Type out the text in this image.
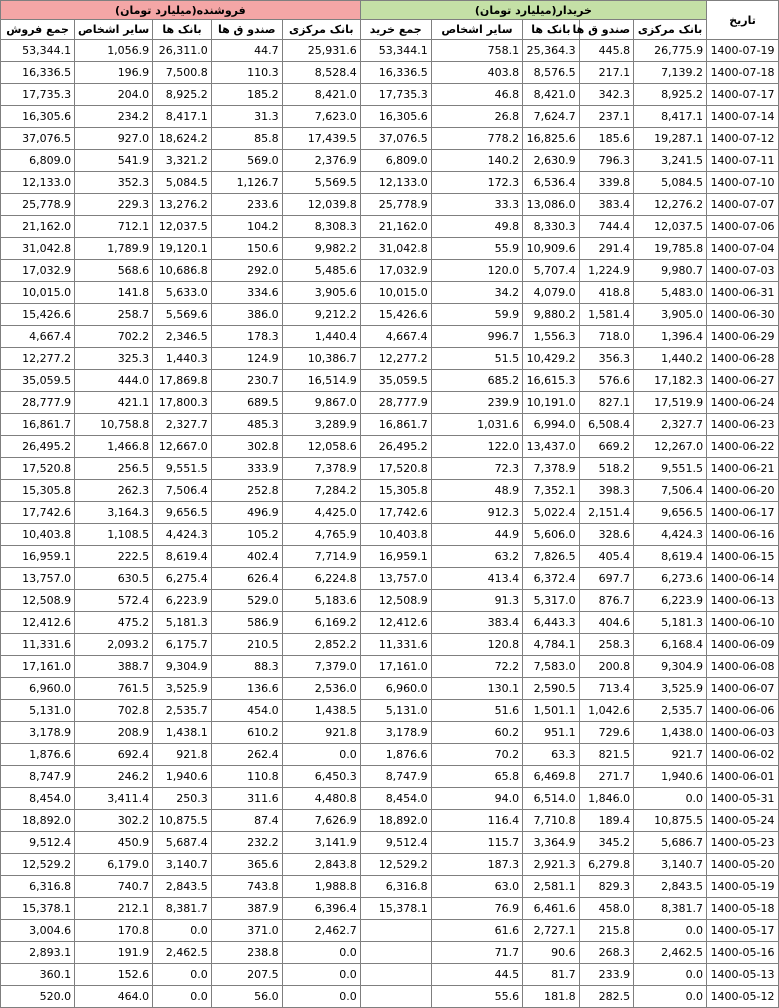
تاریخ	خریدار(میلیارد تومان)					فروشنده(میلیارد تومان)				
	بانک مرکزی	صندو ق ها	بانک ها	سایر اشخاص	جمع خرید	بانک مرکزی	صندو ق ها	بانک ها	سایر اشخاص	جمع فروش
1400-07-19	26,775.9	445.8	25,364.3	758.1	53,344.1	25,931.6	44.7	26,311.0	1,056.9	53,344.1
1400-07-18	7,139.2	217.1	8,576.5	403.8	16,336.5	8,528.4	110.3	7,500.8	196.9	16,336.5
1400-07-17	8,925.2	342.3	8,421.0	46.8	17,735.3	8,421.0	185.2	8,925.2	204.0	17,735.3
1400-07-14	8,417.1	237.1	7,624.7	26.8	16,305.6	7,623.0	31.3	8,417.1	234.2	16,305.6
1400-07-12	19,287.1	185.6	16,825.6	778.2	37,076.5	17,439.5	85.8	18,624.2	927.0	37,076.5
1400-07-11	3,241.5	796.3	2,630.9	140.2	6,809.0	2,376.9	569.0	3,321.2	541.9	6,809.0
1400-07-10	5,084.5	339.8	6,536.4	172.3	12,133.0	5,569.5	1,126.7	5,084.5	352.3	12,133.0
1400-07-07	12,276.2	383.4	13,086.0	33.3	25,778.9	12,039.8	233.6	13,276.2	229.3	25,778.9
1400-07-06	12,037.5	744.4	8,330.3	49.8	21,162.0	8,308.3	104.2	12,037.5	712.1	21,162.0
1400-07-04	19,785.8	291.4	10,909.6	55.9	31,042.8	9,982.2	150.6	19,120.1	1,789.9	31,042.8
1400-07-03	9,980.7	1,224.9	5,707.4	120.0	17,032.9	5,485.6	292.0	10,686.8	568.6	17,032.9
1400-06-31	5,483.0	418.8	4,079.0	34.2	10,015.0	3,905.6	334.6	5,633.0	141.8	10,015.0
1400-06-30	3,905.0	1,581.4	9,880.2	59.9	15,426.6	9,212.2	386.0	5,569.6	258.7	15,426.6
1400-06-29	1,396.4	718.0	1,556.3	996.7	4,667.4	1,440.4	178.3	2,346.5	702.2	4,667.4
1400-06-28	1,440.2	356.3	10,429.2	51.5	12,277.2	10,386.7	124.9	1,440.3	325.3	12,277.2
1400-06-27	17,182.3	576.6	16,615.3	685.2	35,059.5	16,514.9	230.7	17,869.8	444.0	35,059.5
1400-06-24	17,519.9	827.1	10,191.0	239.9	28,777.9	9,867.0	689.5	17,800.3	421.1	28,777.9
1400-06-23	2,327.7	6,508.4	6,994.0	1,031.6	16,861.7	3,289.9	485.3	2,327.7	10,758.8	16,861.7
1400-06-22	12,267.0	669.2	13,437.0	122.0	26,495.2	12,058.6	302.8	12,667.0	1,466.8	26,495.2
1400-06-21	9,551.5	518.2	7,378.9	72.3	17,520.8	7,378.9	333.9	9,551.5	256.5	17,520.8
1400-06-20	7,506.4	398.3	7,352.1	48.9	15,305.8	7,284.2	252.8	7,506.4	262.3	15,305.8
1400-06-17	9,656.5	2,151.4	5,022.4	912.3	17,742.6	4,425.0	496.9	9,656.5	3,164.3	17,742.6
1400-06-16	4,424.3	328.6	5,606.0	44.9	10,403.8	4,765.9	105.2	4,424.3	1,108.5	10,403.8
1400-06-15	8,619.4	405.4	7,826.5	63.2	16,959.1	7,714.9	402.4	8,619.4	222.5	16,959.1
1400-06-14	6,273.6	697.7	6,372.4	413.4	13,757.0	6,224.8	626.4	6,275.4	630.5	13,757.0
1400-06-13	6,223.9	876.7	5,317.0	91.3	12,508.9	5,183.6	529.0	6,223.9	572.4	12,508.9
1400-06-10	5,181.3	404.6	6,443.3	383.4	12,412.6	6,169.2	586.9	5,181.3	475.2	12,412.6
1400-06-09	6,168.4	258.3	4,784.1	120.8	11,331.6	2,852.2	210.5	6,175.7	2,093.2	11,331.6
1400-06-08	9,304.9	200.8	7,583.0	72.2	17,161.0	7,379.0	88.3	9,304.9	388.7	17,161.0
1400-06-07	3,525.9	713.4	2,590.5	130.1	6,960.0	2,536.0	136.6	3,525.9	761.5	6,960.0
1400-06-06	2,535.7	1,042.6	1,501.1	51.6	5,131.0	1,438.5	454.0	2,535.7	702.8	5,131.0
1400-06-03	1,438.0	729.6	951.1	60.2	3,178.9	921.8	610.2	1,438.1	208.9	3,178.9
1400-06-02	921.7	821.5	63.3	70.2	1,876.6	0.0	262.4	921.8	692.4	1,876.6
1400-06-01	1,940.6	271.7	6,469.8	65.8	8,747.9	6,450.3	110.8	1,940.6	246.2	8,747.9
1400-05-31	0.0	1,846.0	6,514.0	94.0	8,454.0	4,480.8	311.6	250.3	3,411.4	8,454.0
1400-05-24	10,875.5	189.4	7,710.8	116.4	18,892.0	7,626.9	87.4	10,875.5	302.2	18,892.0
1400-05-23	5,686.7	345.2	3,364.9	115.7	9,512.4	3,141.9	232.2	5,687.4	450.9	9,512.4
1400-05-20	3,140.7	6,279.8	2,921.3	187.3	12,529.2	2,843.8	365.6	3,140.7	6,179.0	12,529.2
1400-05-19	2,843.5	829.3	2,581.1	63.0	6,316.8	1,988.8	743.8	2,843.5	740.7	6,316.8
1400-05-18	8,381.7	458.0	6,461.6	76.9	15,378.1	6,396.4	387.9	8,381.7	212.1	15,378.1
1400-05-17	0.0	215.8	2,727.1	61.6		2,462.7	371.0	0.0	170.8	3,004.6
1400-05-16	2,462.5	268.3	90.6	71.7		0.0	238.8	2,462.5	191.9	2,893.1
1400-05-13	0.0	233.9	81.7	44.5		0.0	207.5	0.0	152.6	360.1
1400-05-12	0.0	282.5	181.8	55.6		0.0	56.0	0.0	464.0	520.0
